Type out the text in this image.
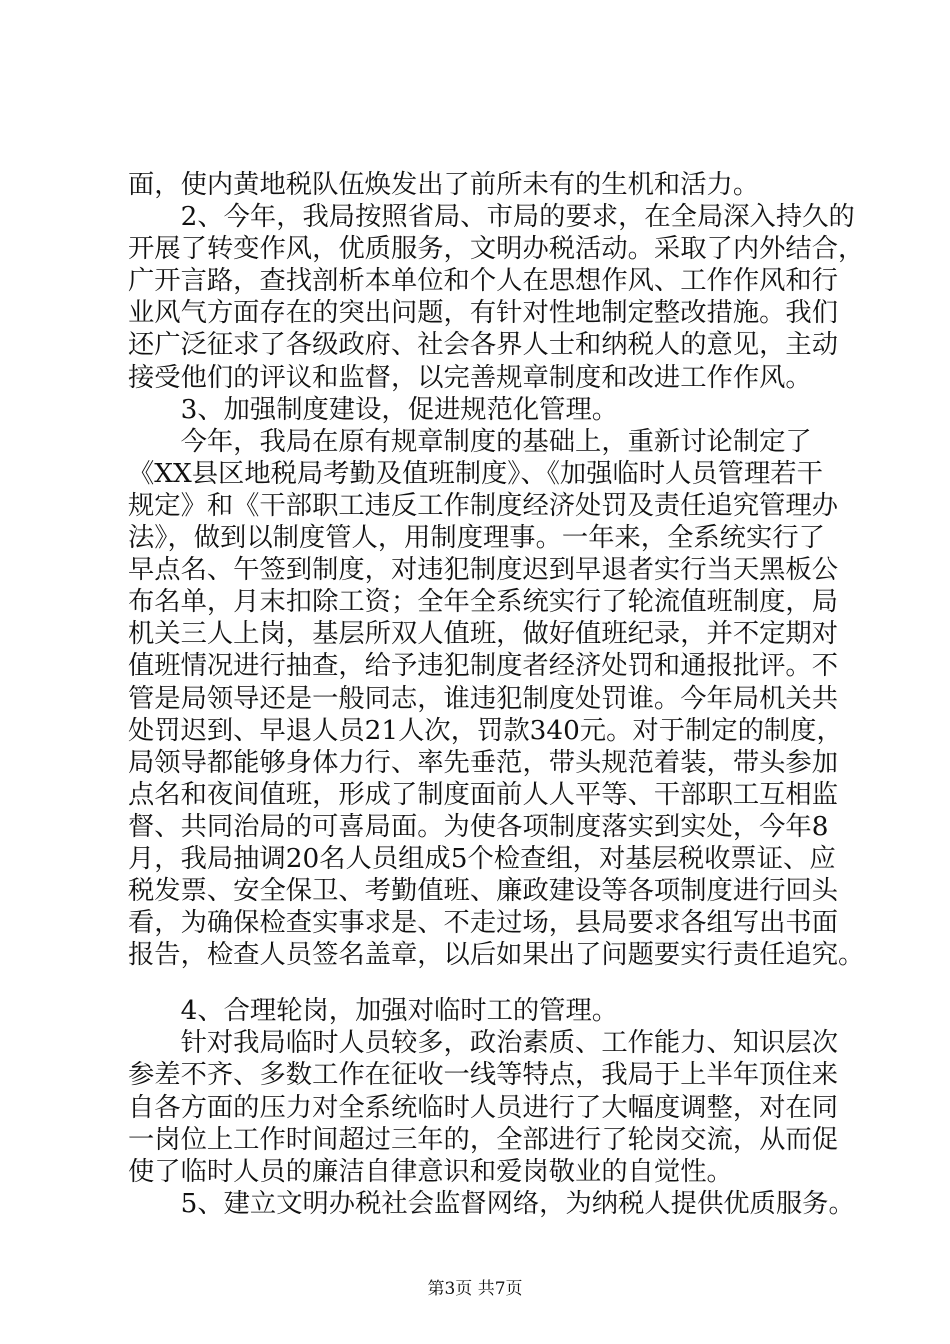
面，使内黄地税队伍焕发出了前所未有的生机和活力。
　　2、今年，我局按照省局、市局的要求，在全局深入持久的
开展了转变作风，优质服务，文明办税活动。采取了内外结合，
广开言路，查找剖析本单位和个人在思想作风、工作作风和行
业风气方面存在的突出问题，有针对性地制定整改措施。我们
还广泛征求了各级政府、社会各界人士和纳税人的意见，主动
接受他们的评议和监督，以完善规章制度和改进工作作风。
　　3、加强制度建设，促进规范化管理。
　　今年，我局在原有规章制度的基础上，重新讨论制定了
《XX县区地税局考勤及值班制度》、《加强临时人员管理若干
规定》和《干部职工违反工作制度经济处罚及责任追究管理办
法》，做到以制度管人，用制度理事。一年来，全系统实行了
早点名、午签到制度，对违犯制度迟到早退者实行当天黑板公
布名单，月末扣除工资；全年全系统实行了轮流值班制度，局
机关三人上岗，基层所双人值班，做好值班纪录，并不定期对
值班情况进行抽查，给予违犯制度者经济处罚和通报批评。不
管是局领导还是一般同志，谁违犯制度处罚谁。今年局机关共
处罚迟到、早退人员21人次，罚款340元。对于制定的制度，
局领导都能够身体力行、率先垂范，带头规范着装，带头参加
点名和夜间值班，形成了制度面前人人平等、干部职工互相监
督、共同治局的可喜局面。为使各项制度落实到实处，今年8
月，我局抽调20名人员组成5个检查组，对基层税收票证、应
税发票、安全保卫、考勤值班、廉政建设等各项制度进行回头
看，为确保检查实事求是、不走过场，县局要求各组写出书面
报告，检查人员签名盖章，以后如果出了问题要实行责任追究。
　　4、合理轮岗，加强对临时工的管理。
　　针对我局临时人员较多，政治素质、工作能力、知识层次
参差不齐、多数工作在征收一线等特点，我局于上半年顶住来
自各方面的压力对全系统临时人员进行了大幅度调整，对在同
一岗位上工作时间超过三年的，全部进行了轮岗交流，从而促
使了临时人员的廉洁自律意识和爱岗敬业的自觉性。
　　5、建立文明办税社会监督网络，为纳税人提供优质服务。
第3页 共7页
